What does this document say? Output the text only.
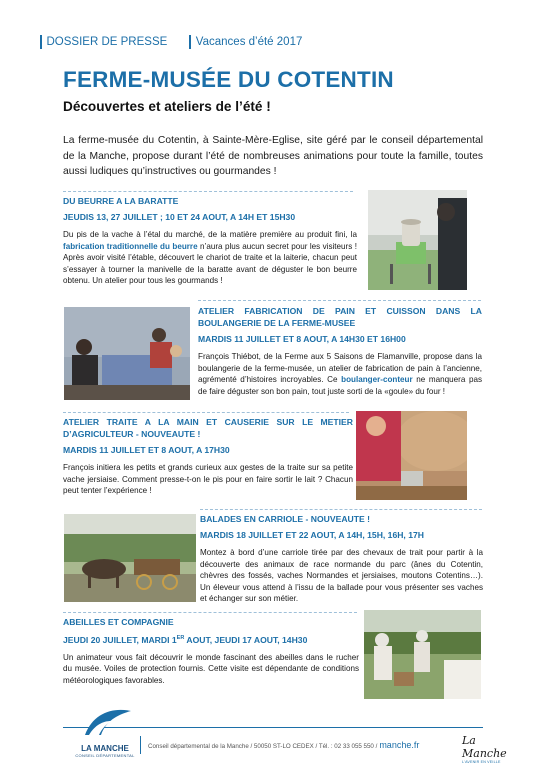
DOSSIER DE PRESSE Vacances d’été 2017
FERME-MUSÉE DU COTENTIN
Découvertes et ateliers de l’été !
La ferme-musée du Cotentin, à Sainte-Mère-Eglise, site géré par le conseil départemental de la Manche, propose durant l’été de nombreuses animations pour toute la famille, toutes aussi ludiques qu’instructives ou gourmandes !
DU BEURRE A LA BARATTE
JEUDIS 13, 27 JUILLET ; 10 ET 24 AOUT, A 14H ET 15H30
Du pis de la vache à l’étal du marché, de la matière première au produit fini, la fabrication traditionnelle du beurre n’aura plus aucun secret pour les visiteurs ! Après avoir visité l’étable, découvert le chariot de traite et la laiterie, chacun peut s’essayer à tourner la manivelle de la baratte avant de déguster le bon beurre obtenu. Un atelier pour tous les gourmands !
ATELIER FABRICATION DE PAIN ET CUISSON DANS LA BOULANGERIE DE LA FERME-MUSEE
MARDIS 11 JUILLET ET 8 AOUT, A 14H30 ET 16H00
François Thiébot, de la Ferme aux 5 Saisons de Flamanville, propose dans la boulangerie de la ferme-musée, un atelier de fabrication de pain à l’ancienne, agrémenté d’histoires incroyables. Ce boulanger-conteur ne manquera pas de faire déguster son bon pain, tout juste sorti de la «goule» du four !
ATELIER TRAITE A LA MAIN ET CAUSERIE SUR LE METIER D’AGRICULTEUR - NOUVEAUTE !
MARDIS 11 JUILLET ET 8 AOUT, A 17H30
François initiera les petits et grands curieux aux gestes de la traite sur sa petite vache jersiaise. Comment presse-t-on le pis pour en faire sortir le lait ? Chacun peut tenter l’expérience !
BALADES EN CARRIOLE - NOUVEAUTE !
MARDIS 18 JUILLET ET 22 AOUT, A 14H, 15H, 16H, 17H
Montez à bord d’une carriole tirée par des chevaux de trait pour partir à la découverte des animaux de race normande du parc (ânes du Cotentin, chèvres des fossés, vaches Normandes et jersiaises, moutons Cotentins…). Un éleveur vous attend à l’issu de la ballade pour vous présenter ses vaches et échanger sur son métier.
ABEILLES ET COMPAGNIE
JEUDI 20 JUILLET, MARDI 1ER AOUT, JEUDI 17 AOUT, 14H30
Un animateur vous fait découvrir le monde fascinant des abeilles dans le rucher du musée. Voiles de protection fournis. Cette visite est dépendante de conditions météorologiques favorables.
LA MANCHE
CONSEIL DÉPARTEMENTAL
Conseil départemental de la Manche / 50050 ST-LO CEDEX / Tél. : 02 33 055 550 / manche.fr	La Manche
L'AVENIR EN VEILLE
